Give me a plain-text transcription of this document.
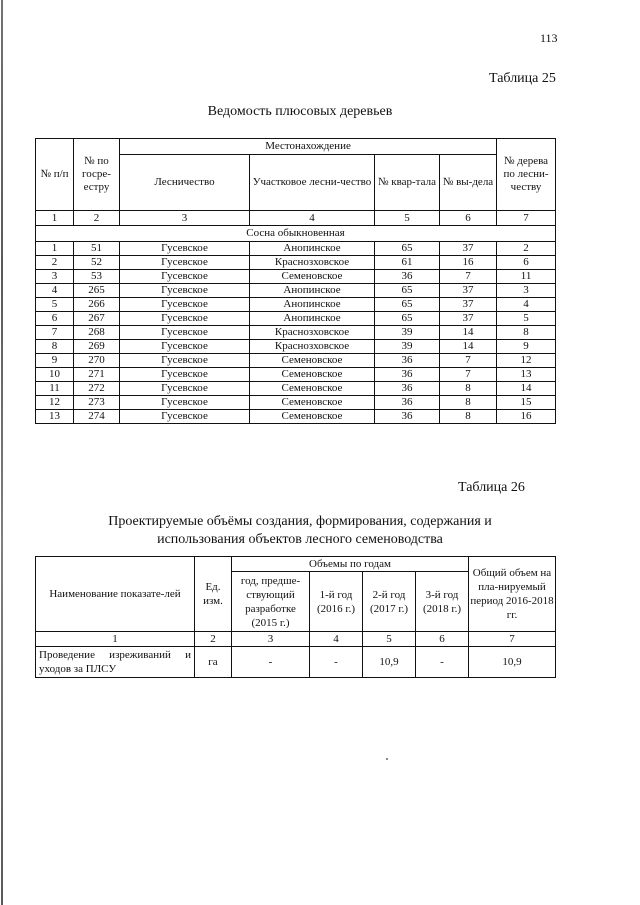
113
Таблица 25
Ведомость плюсовых деревьев
№ п/п	№ по госре-естру	Местонахождение				№ дерева по лесни-честву
		Лесничество	Участковое лесни-чество	№ квар-тала	№ вы-дела	
1	2	3	4	5	6	7
Сосна обыкновенная						
1	51	Гусевское	Анопинское	65	37	2
2	52	Гусевское	Краснозховское	61	16	6
3	53	Гусевское	Семеновское	36	7	11
4	265	Гусевское	Анопинское	65	37	3
5	266	Гусевское	Анопинское	65	37	4
6	267	Гусевское	Анопинское	65	37	5
7	268	Гусевское	Краснозховское	39	14	8
8	269	Гусевское	Краснозховское	39	14	9
9	270	Гусевское	Семеновское	36	7	12
10	271	Гусевское	Семеновское	36	7	13
11	272	Гусевское	Семеновское	36	8	14
12	273	Гусевское	Семеновское	36	8	15
13	274	Гусевское	Семеновское	36	8	16
Таблица 26
Проектируемые объёмы создания, формирования, содержания и
использования объектов лесного семеноводства
Наименование показате-лей	Ед. изм.	Объемы по годам				Общий объем на пла-нируемый период 2016-2018 гг.
		год, предше-ствующий разработке (2015 г.)	1-й год (2016 г.)	2-й год (2017 г.)	3-й год (2018 г.)	
1	2	3	4	5	6	7
Проведение изреживаний и уходов за ПЛСУ	га	-	-	10,9	-	10,9
